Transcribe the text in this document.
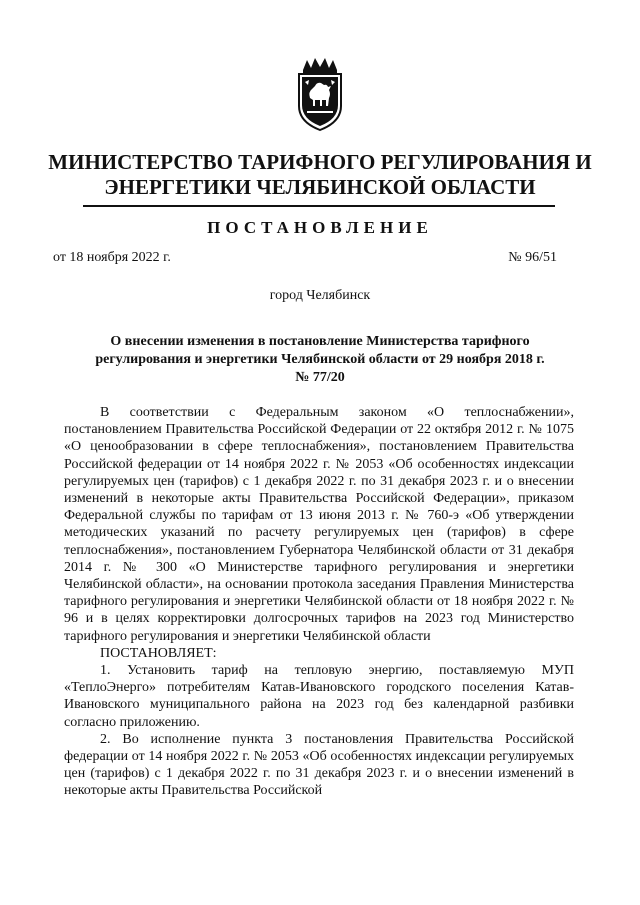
МИНИСТЕРСТВО ТАРИФНОГО РЕГУЛИРОВАНИЯ И ЭНЕРГЕТИКИ ЧЕЛЯБИНСКОЙ ОБЛАСТИ
ПОСТАНОВЛЕНИЕ
от 18 ноября 2022 г.	№ 96/51
город Челябинск
О внесении изменения в постановление Министерства тарифного регулирования и энергетики Челябинской области от 29 ноября 2018 г. № 77/20

В соответствии с Федеральным законом «О теплоснабжении», постановлением Правительства Российской Федерации от 22 октября 2012 г. № 1075 «О ценообразовании в сфере теплоснабжения», постановлением Правительства Российской федерации от 14 ноября 2022 г. № 2053 «Об особенностях индексации регулируемых цен (тарифов) с 1 декабря 2022 г. по 31 декабря 2023 г. и о внесении изменений в некоторые акты Правительства Российской Федерации», приказом Федеральной службы по тарифам от 13 июня 2013 г. № 760-э «Об утверждении методических указаний по расчету регулируемых цен (тарифов) в сфере теплоснабжения», постановлением Губернатора Челябинской области от 31 декабря 2014 г. № 300 «О Министерстве тарифного регулирования и энергетики Челябинской области», на основании протокола заседания Правления Министерства тарифного регулирования и энергетики Челябинской области от 18 ноября 2022 г. № 96 и в целях корректировки долгосрочных тарифов на 2023 год Министерство тарифного регулирования и энергетики Челябинской области

ПОСТАНОВЛЯЕТ:

1. Установить тариф на тепловую энергию, поставляемую МУП «ТеплоЭнерго» потребителям Катав-Ивановского городского поселения Катав-Ивановского муниципального района на 2023 год без календарной разбивки согласно приложению.

2. Во исполнение пункта 3 постановления Правительства Российской федерации от 14 ноября 2022 г. № 2053 «Об особенностях индексации регулируемых цен (тарифов) с 1 декабря 2022 г. по 31 декабря 2023 г. и о внесении изменений в некоторые акты Правительства Российской
